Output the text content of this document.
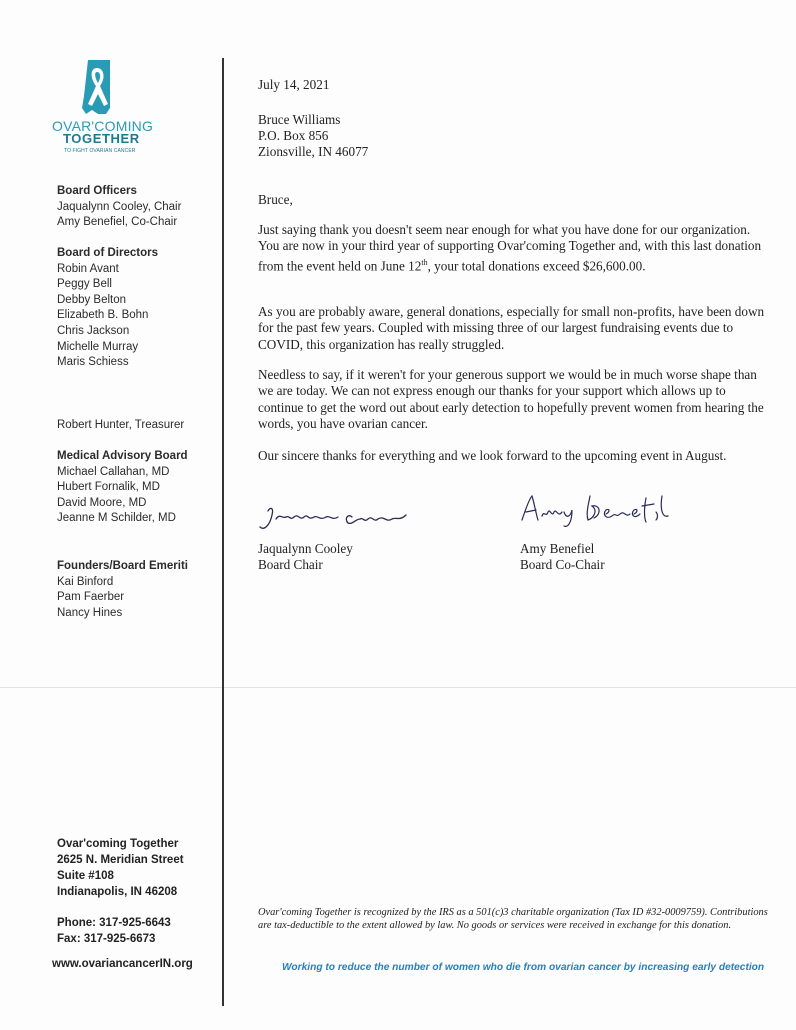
OVAR'COMING
TOGETHER
TO FIGHT OVARIAN CANCER
Board Officers
Jaqualynn Cooley, Chair
Amy Benefiel, Co-Chair
Board of Directors
Robin Avant
Peggy Bell
Debby Belton
Elizabeth B. Bohn
Chris Jackson
Michelle Murray
Maris Schiess
Robert Hunter, Treasurer
Medical Advisory Board
Michael Callahan, MD
Hubert Fornalik, MD
David Moore, MD
Jeanne M Schilder, MD
Founders/Board Emeriti
Kai Binford
Pam Faerber
Nancy Hines
Ovar'coming Together
2625 N. Meridian Street
Suite #108
Indianapolis, IN 46208
Phone: 317-925-6643
Fax: 317-925-6673
www.ovariancancerIN.org
July 14, 2021
Bruce Williams
P.O. Box 856
Zionsville, IN 46077
Bruce,
Just saying thank you doesn't seem near enough for what you have done for our organization. You are now in your third year of supporting Ovar'coming Together and, with this last donation from the event held on June 12th, your total donations exceed $26,600.00.
As you are probably aware, general donations, especially for small non-profits, have been down for the past few years. Coupled with missing three of our largest fundraising events due to COVID, this organization has really struggled.
Needless to say, if it weren't for your generous support we would be in much worse shape than we are today. We can not express enough our thanks for your support which allows up to continue to get the word out about early detection to hopefully prevent women from hearing the words, you have ovarian cancer.
Our sincere thanks for everything and we look forward to the upcoming event in August.
Jaqualynn Cooley
Board Chair
Amy Benefiel
Board Co-Chair
Ovar'coming Together is recognized by the IRS as a 501(c)3 charitable organization (Tax ID #32-0009759). Contributions are tax-deductible to the extent allowed by law. No goods or services were received in exchange for this donation.
Working to reduce the number of women who die from ovarian cancer by increasing early detection
